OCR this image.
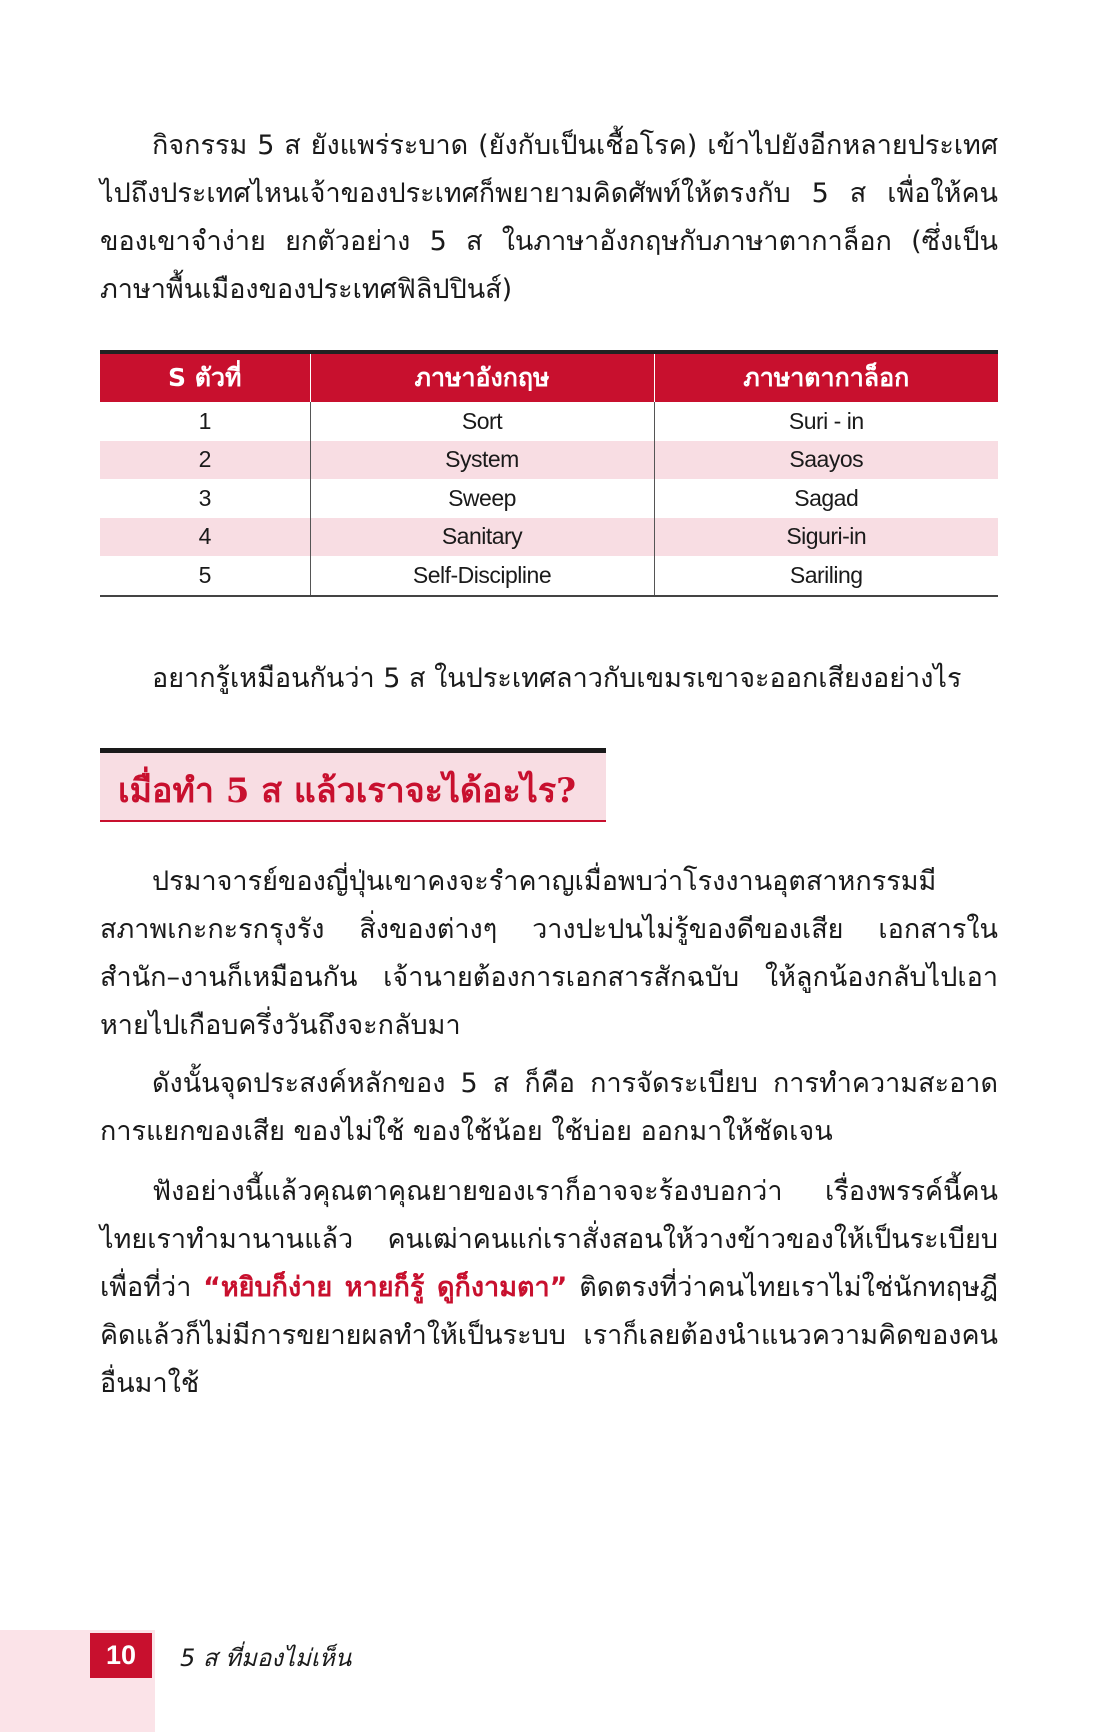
กิจกรรม 5 ส ยังแพร่ระบาด (ยังกับเป็นเชื้อโรค) เข้าไปยังอีกหลายประเทศ ไปถึงประเทศไหนเจ้าของประเทศก็พยายามคิดศัพท์ให้ตรงกับ 5 ส เพื่อให้คนของเขาจำง่าย ยกตัวอย่าง 5 ส ในภาษาอังกฤษกับภาษาตากาล็อก (ซึ่งเป็นภาษาพื้นเมืองของประเทศฟิลิปปินส์)

S ตัวที่	ภาษาอังกฤษ	ภาษาตากาล็อก
1	Sort	Suri - in
2	System	Saayos
3	Sweep	Sagad
4	Sanitary	Siguri-in
5	Self-Discipline	Sariling

อยากรู้เหมือนกันว่า 5 ส ในประเทศลาวกับเขมรเขาจะออกเสียงอย่างไร

เมื่อทำ 5 ส แล้วเราจะได้อะไร?

ปรมาจารย์ของญี่ปุ่นเขาคงจะรำคาญเมื่อพบว่าโรงงานอุตสาหกรรมมีสภาพเกะกะรกรุงรัง สิ่งของต่างๆ วางปะปนไม่รู้ของดีของเสีย เอกสารในสำนัก–งานก็เหมือนกัน เจ้านายต้องการเอกสารสักฉบับ ให้ลูกน้องกลับไปเอา หายไปเกือบครึ่งวันถึงจะกลับมา

ดังนั้นจุดประสงค์หลักของ 5 ส ก็คือ การจัดระเบียบ การทำความสะอาด การแยกของเสีย ของไม่ใช้ ของใช้น้อย ใช้บ่อย ออกมาให้ชัดเจน

ฟังอย่างนี้แล้วคุณตาคุณยายของเราก็อาจจะร้องบอกว่า เรื่องพรรค์นี้คนไทยเราทำมานานแล้ว คนเฒ่าคนแก่เราสั่งสอนให้วางข้าวของให้เป็นระเบียบเพื่อที่ว่า “หยิบก็ง่าย หายก็รู้ ดูก็งามตา” ติดตรงที่ว่าคนไทยเราไม่ใช่นักทฤษฎี คิดแล้วก็ไม่มีการขยายผลทำให้เป็นระบบ เราก็เลยต้องนำแนวความคิดของคนอื่นมาใช้

10	5 ส ที่มองไม่เห็น
